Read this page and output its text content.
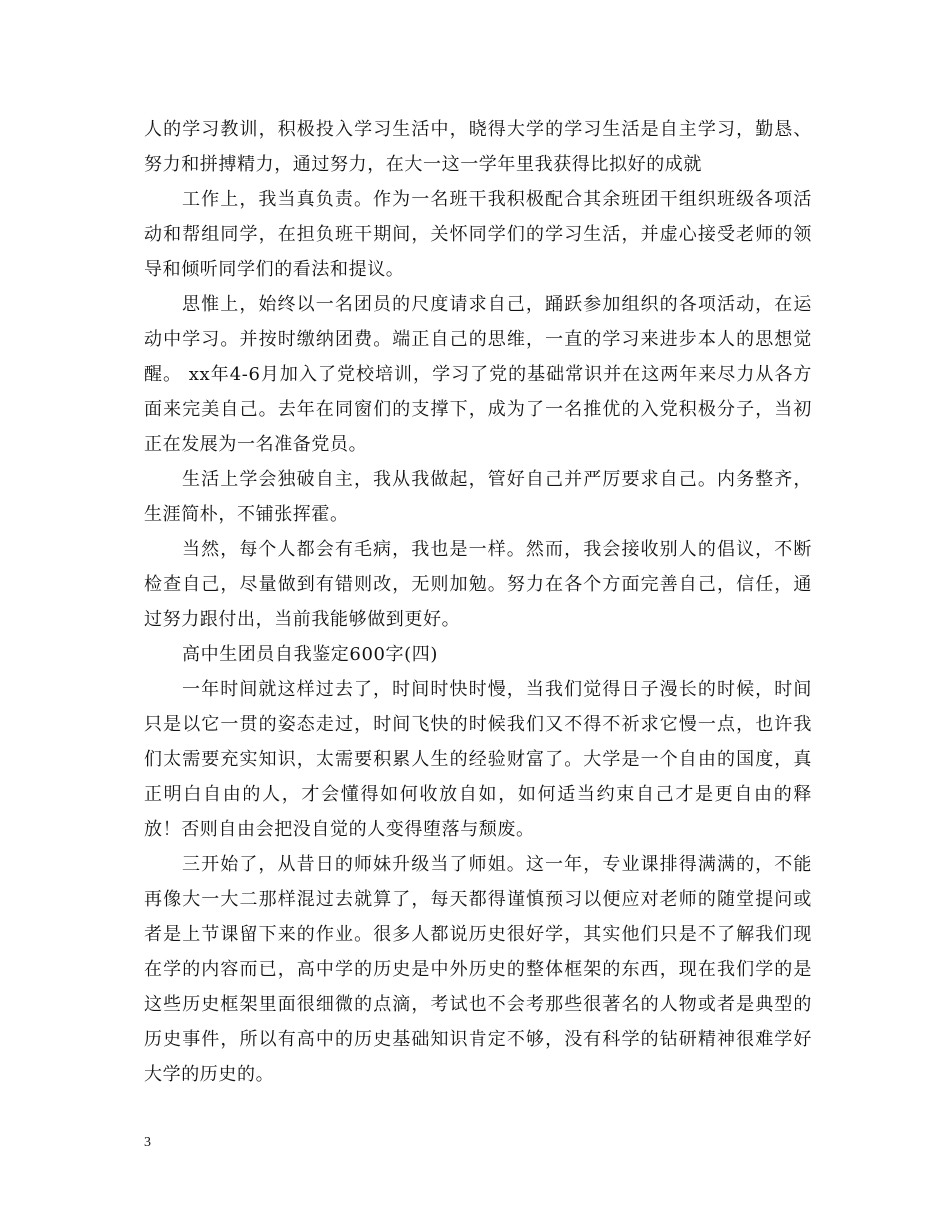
人的学习教训，积极投入学习生活中，晓得大学的学习生活是自主学习，勤恳、努力和拼搏精力，通过努力，在大一这一学年里我获得比拟好的成就

工作上，我当真负责。作为一名班干我积极配合其余班团干组织班级各项活动和帮组同学，在担负班干期间，关怀同学们的学习生活，并虚心接受老师的领导和倾听同学们的看法和提议。

思惟上，始终以一名团员的尺度请求自己，踊跃参加组织的各项活动，在运动中学习。并按时缴纳团费。端正自己的思维，一直的学习来进步本人的思想觉醒。 xx年4-6月加入了党校培训，学习了党的基础常识并在这两年来尽力从各方面来完美自己。去年在同窗们的支撑下，成为了一名推优的入党积极分子，当初正在发展为一名准备党员。

生活上学会独破自主，我从我做起，管好自己并严厉要求自己。内务整齐，生涯简朴，不铺张挥霍。

当然，每个人都会有毛病，我也是一样。然而，我会接收别人的倡议，不断检查自己，尽量做到有错则改，无则加勉。努力在各个方面完善自己，信任，通过努力跟付出，当前我能够做到更好。

高中生团员自我鉴定600字(四)

一年时间就这样过去了，时间时快时慢，当我们觉得日子漫长的时候，时间只是以它一贯的姿态走过，时间飞快的时候我们又不得不祈求它慢一点，也许我们太需要充实知识，太需要积累人生的经验财富了。大学是一个自由的国度，真正明白自由的人，才会懂得如何收放自如，如何适当约束自己才是更自由的释放！否则自由会把没自觉的人变得堕落与颓废。

三开始了，从昔日的师妹升级当了师姐。这一年，专业课排得满满的，不能再像大一大二那样混过去就算了，每天都得谨慎预习以便应对老师的随堂提问或者是上节课留下来的作业。很多人都说历史很好学，其实他们只是不了解我们现在学的内容而已，高中学的历史是中外历史的整体框架的东西，现在我们学的是这些历史框架里面很细微的点滴，考试也不会考那些很著名的人物或者是典型的历史事件，所以有高中的历史基础知识肯定不够，没有科学的钻研精神很难学好大学的历史的。

3
